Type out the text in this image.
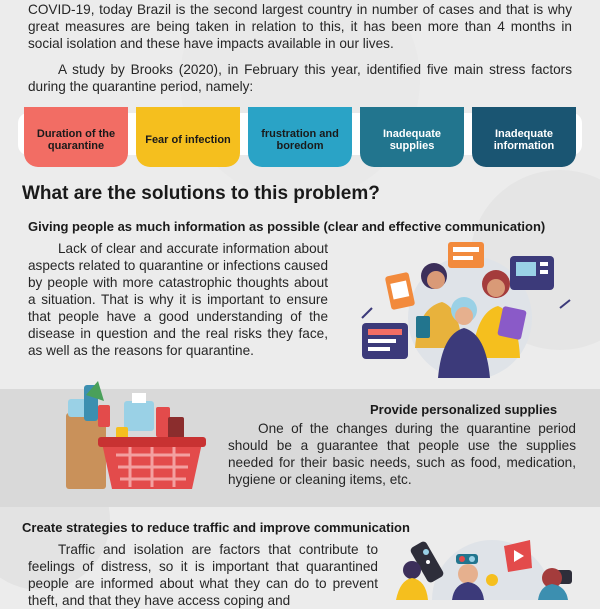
COVID-19, today Brazil is the second largest country in number of cases and that is why great measures are being taken in relation to this, it has been more than 4 months in social isolation and these have impacts available in our lives.

A study by Brooks (2020), in February this year, identified five main stress factors during the quarantine period, namely:

Duration of the quarantine	Fear of infection	frustration and boredom
Inadequate supplies
Inadequate information
What are the solutions to this problem?
Giving people as much information as possible (clear and effective communication)

Lack of clear and accurate information about aspects related to quarantine or infections caused by people with more catastrophic thoughts about a situation. That is why it is important to ensure that people have a good understanding of the disease in question and the real risks they face, as well as the reasons for quarantine.

Provide personalized supplies

One of the changes during the quarantine period should be a guarantee that people use the supplies needed for their basic needs, such as food, medication, hygiene or cleaning items, etc.

Create strategies to reduce traffic and improve communication

Traffic and isolation are factors that contribute to feelings of distress, so it is important that quarantined people are informed about what they can do to prevent theft, and that they have access coping and
